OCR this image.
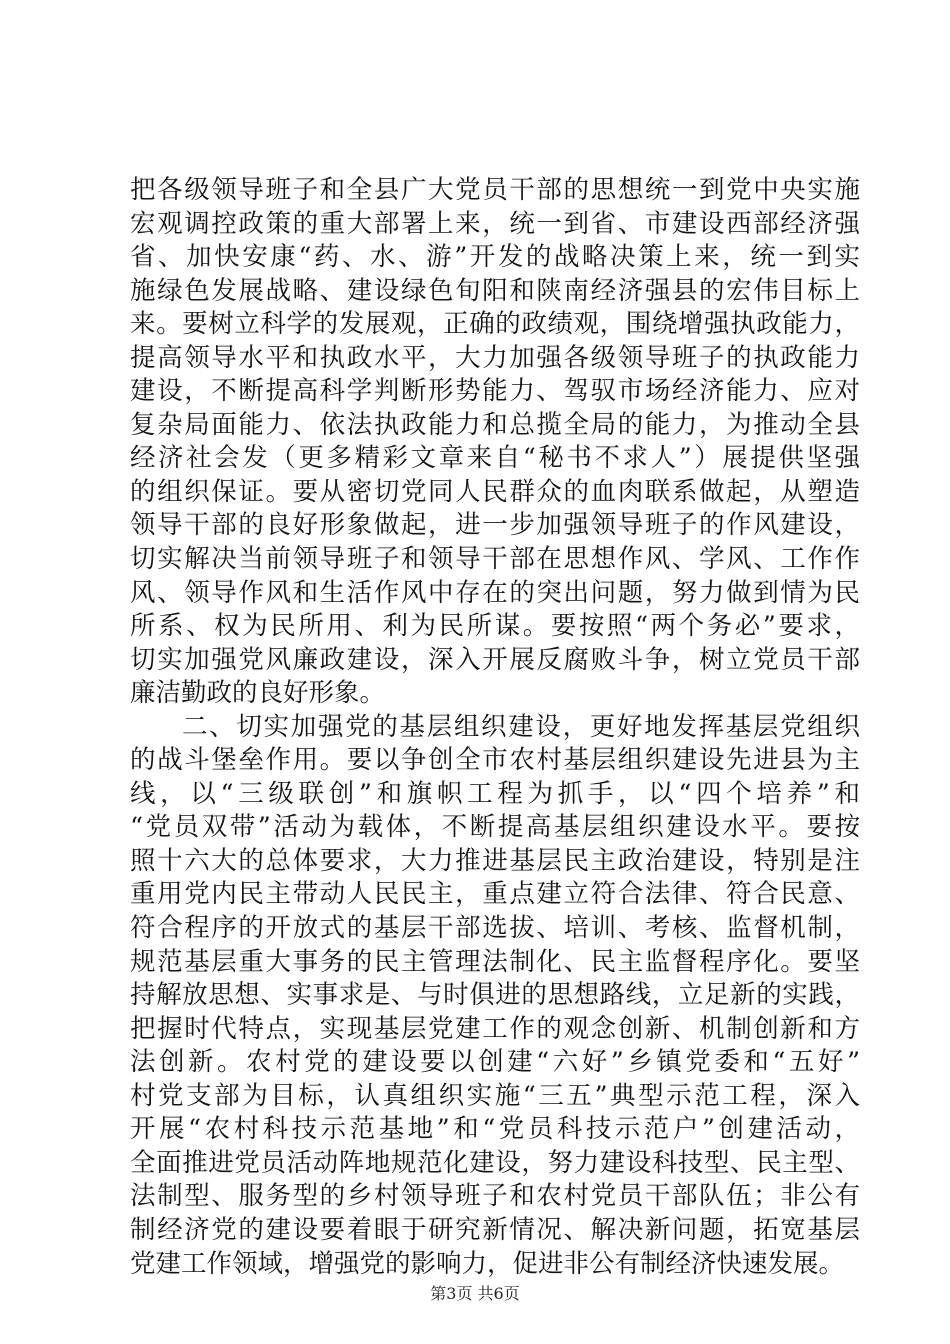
把各级领导班子和全县广大党员干部的思想统一到党中央实施
宏观调控政策的重大部署上来，统一到省、市建设西部经济强
省、加快安康“药、水、游”开发的战略决策上来，统一到实
施绿色发展战略、建设绿色旬阳和陕南经济强县的宏伟目标上
来。要树立科学的发展观，正确的政绩观，围绕增强执政能力，
提高领导水平和执政水平，大力加强各级领导班子的执政能力
建设，不断提高科学判断形势能力、驾驭市场经济能力、应对
复杂局面能力、依法执政能力和总揽全局的能力，为推动全县
经济社会发（更多精彩文章来自“秘书不求人”）展提供坚强
的组织保证。要从密切党同人民群众的血肉联系做起，从塑造
领导干部的良好形象做起，进一步加强领导班子的作风建设，
切实解决当前领导班子和领导干部在思想作风、学风、工作作
风、领导作风和生活作风中存在的突出问题，努力做到情为民
所系、权为民所用、利为民所谋。要按照“两个务必”要求，
切实加强党风廉政建设，深入开展反腐败斗争，树立党员干部
廉洁勤政的良好形象。
二、切实加强党的基层组织建设，更好地发挥基层党组织
的战斗堡垒作用。要以争创全市农村基层组织建设先进县为主
线，以“三级联创”和旗帜工程为抓手，以“四个培养”和
“党员双带”活动为载体，不断提高基层组织建设水平。要按
照十六大的总体要求，大力推进基层民主政治建设，特别是注
重用党内民主带动人民民主，重点建立符合法律、符合民意、
符合程序的开放式的基层干部选拔、培训、考核、监督机制，
规范基层重大事务的民主管理法制化、民主监督程序化。要坚
持解放思想、实事求是、与时俱进的思想路线，立足新的实践，
把握时代特点，实现基层党建工作的观念创新、机制创新和方
法创新。农村党的建设要以创建“六好”乡镇党委和“五好”
村党支部为目标，认真组织实施“三五”典型示范工程，深入
开展“农村科技示范基地”和“党员科技示范户”创建活动，
全面推进党员活动阵地规范化建设，努力建设科技型、民主型、
法制型、服务型的乡村领导班子和农村党员干部队伍；非公有
制经济党的建设要着眼于研究新情况、解决新问题，拓宽基层
党建工作领域，增强党的影响力，促进非公有制经济快速发展。
第3页 共6页
